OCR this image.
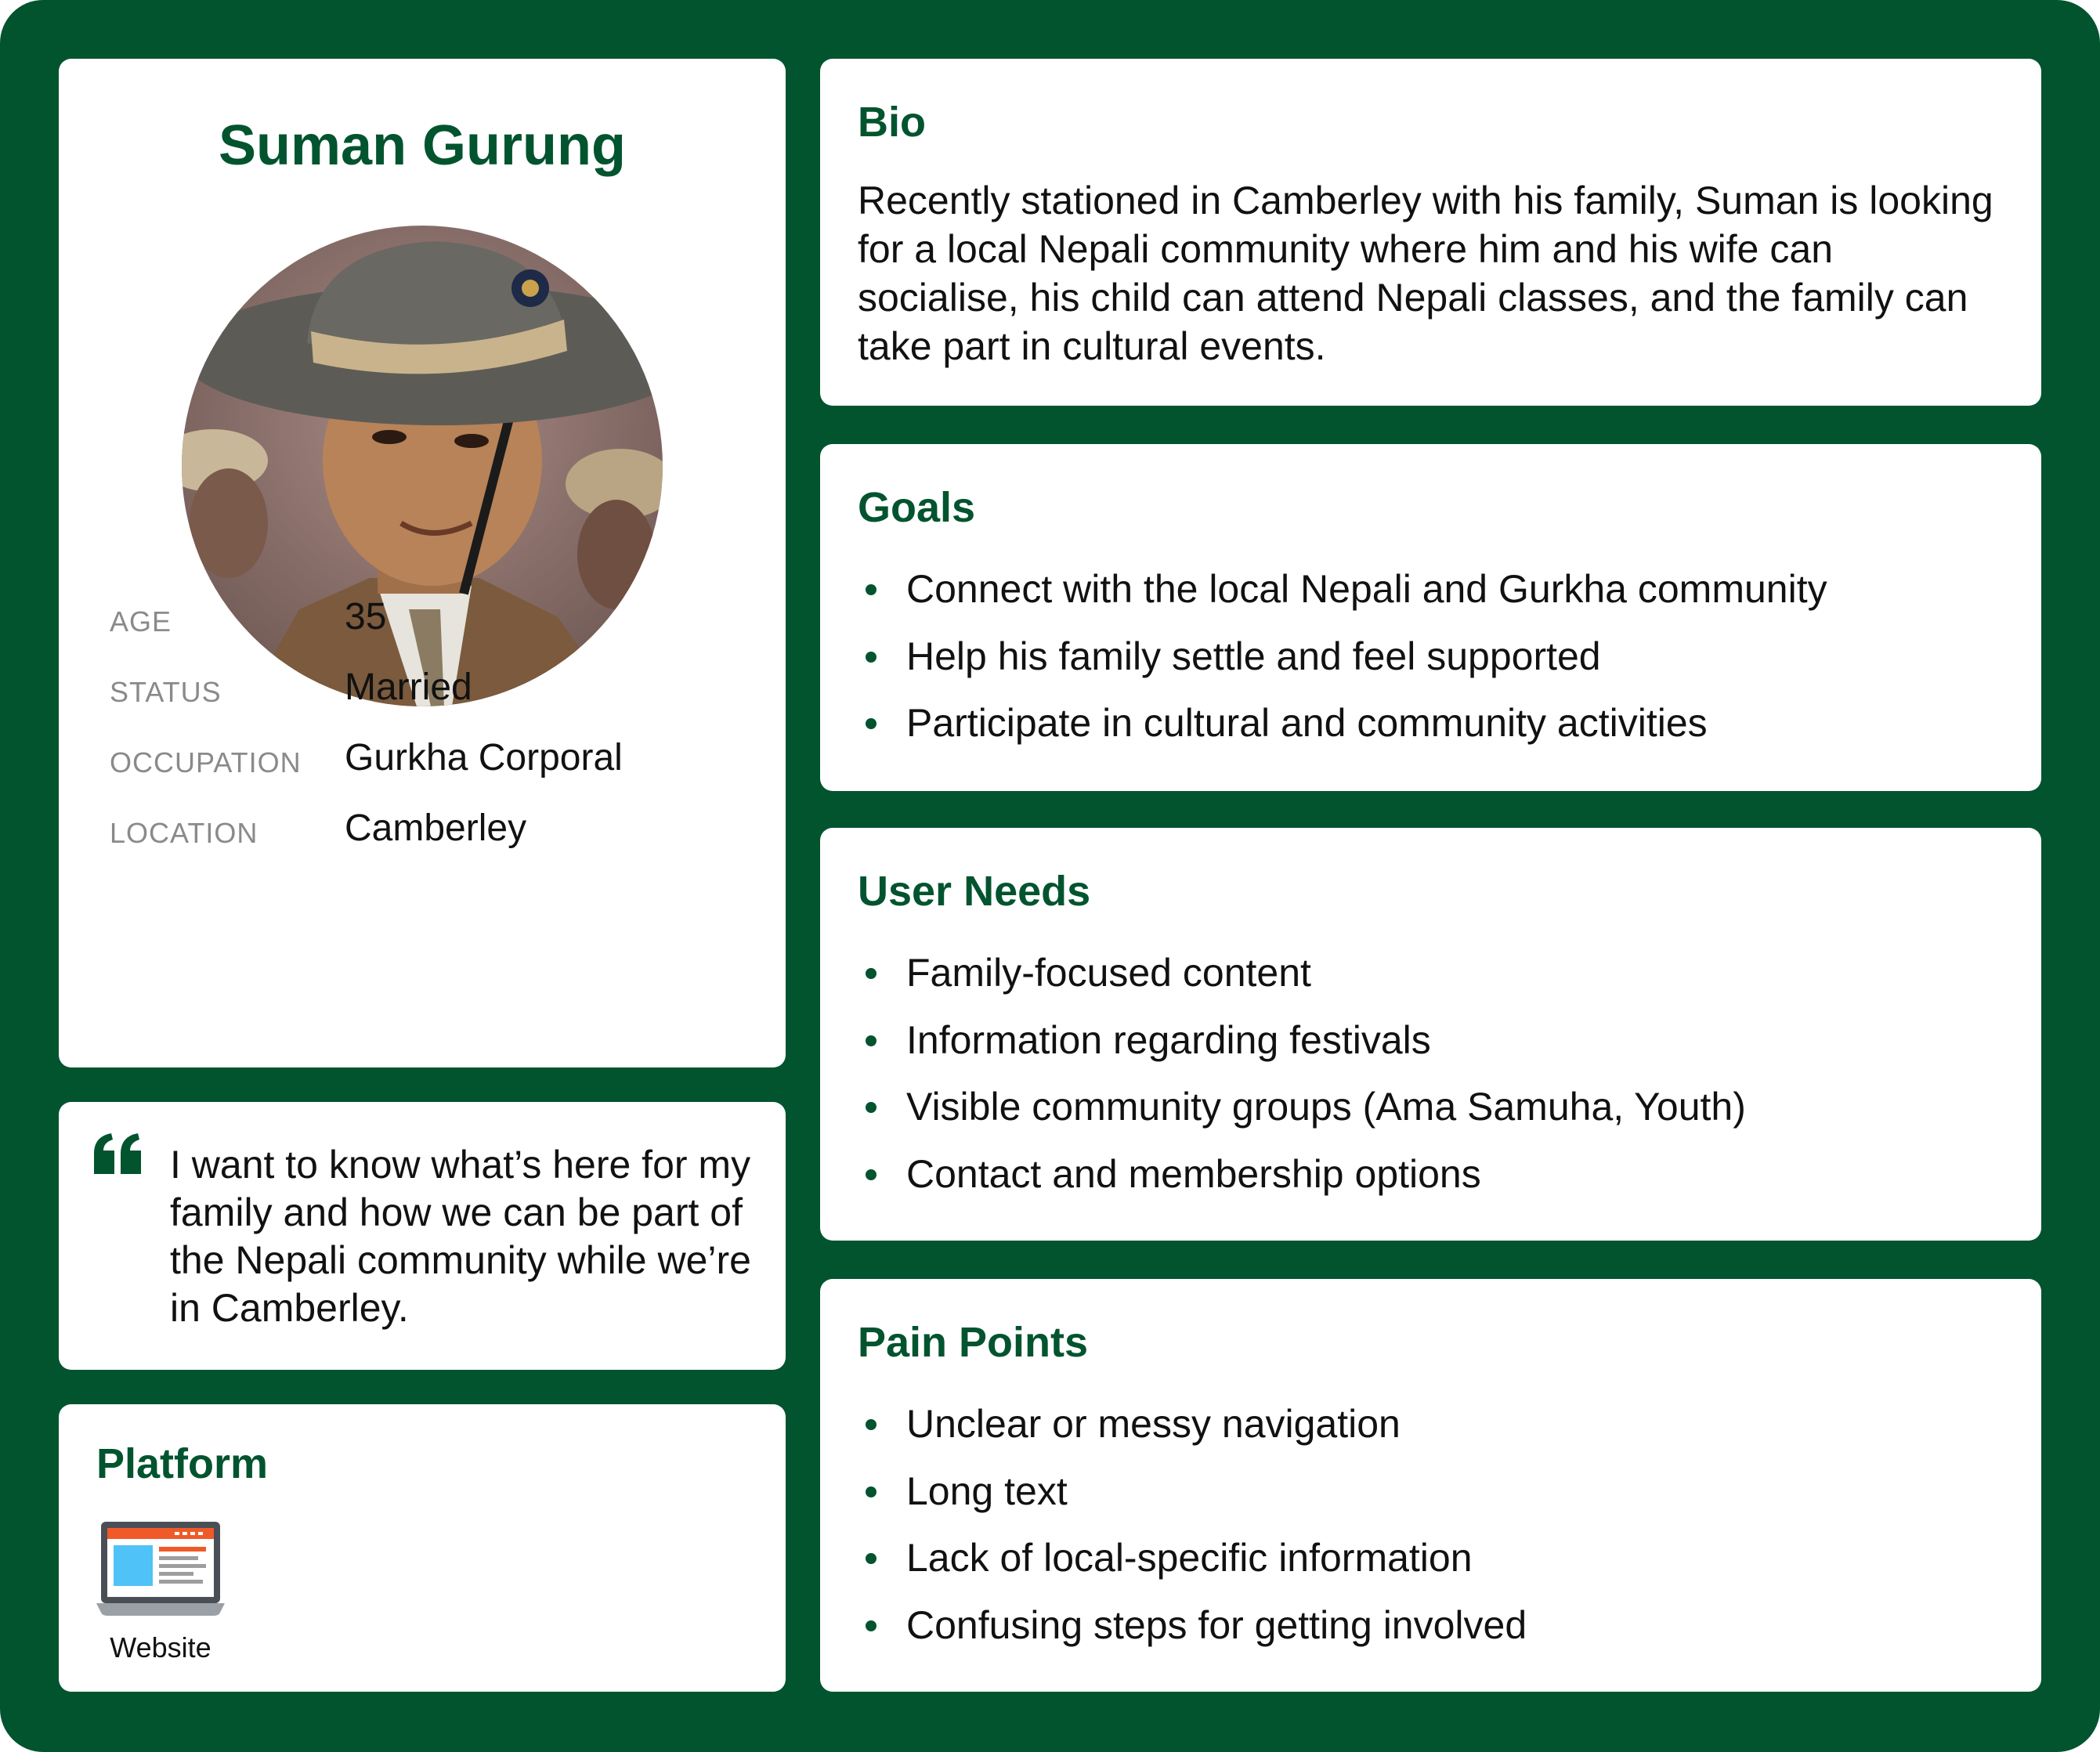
Suman Gurung
AGE	35
STATUS	Married
OCCUPATION Gurkha Corporal
LOCATION Camberley
I want to know what’s here for my family and how we can be part of the Nepali community while we’re in Camberley.
Platform
Website
Bio
Recently stationed in Camberley with his family, Suman is looking for a local Nepali community where him and his wife can socialise, his child can attend Nepali classes, and the family can take part in cultural events.
Goals
Connect with the local Nepali and Gurkha community
Help his family settle and feel supported
Participate in cultural and community activities
User Needs
Family-focused content
Information regarding festivals
Visible community groups (Ama Samuha, Youth)
Contact and membership options
Pain Points
Unclear or messy navigation
Long text
Lack of local-specific information
Confusing steps for getting involved
